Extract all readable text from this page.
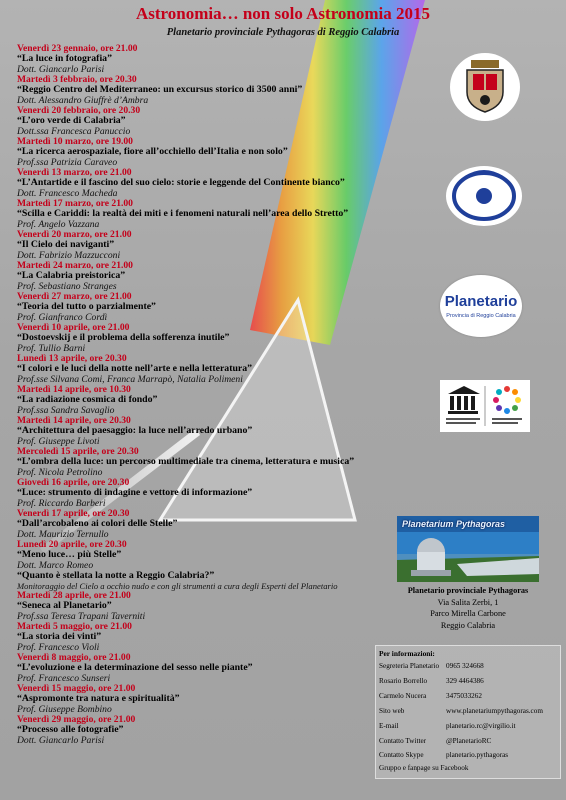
Astronomia… non solo Astronomia 2015
Planetario provinciale Pythagoras di Reggio Calabria
Venerdì 23 gennaio, ore 21.00
“La luce in fotografia”
Dott. Giancarlo Parisi
Martedì 3 febbraio, ore 20.30
“Reggio Centro del Mediterraneo: un excursus storico di 3500 anni”
Dott. Alessandro Giuffrè d’Ambra
Venerdì 20 febbraio, ore 20.30
“L’oro verde di Calabria”
Dott.ssa Francesca Panuccio
Martedì 10 marzo, ore 19.00
“La ricerca aerospaziale, fiore all’occhiello dell’Italia e non solo”
Prof.ssa Patrizia Caraveo
Venerdì 13 marzo, ore 21.00
“L’Antartide e il fascino del suo cielo: storie e leggende del Continente bianco”
Dott. Francesco Macheda
Martedì 17 marzo, ore 21.00
“Scilla e Cariddi: la realtà dei miti e i fenomeni naturali nell’area dello Stretto”
Prof. Angelo Vazzana
Venerdì 20 marzo, ore 21.00
“Il Cielo dei naviganti”
Dott. Fabrizio Mazzucconi
Martedì 24 marzo, ore 21.00
“La Calabria preistorica”
Prof. Sebastiano Stranges
Venerdì 27 marzo, ore 21.00
“Teoria del tutto o parzialmente”
Prof. Gianfranco Cordì
Venerdì 10 aprile, ore 21.00
“Dostoevskij e il problema della sofferenza inutile”
Prof. Tullio Barni
Lunedì 13 aprile, ore 20.30
“I colori e le luci della notte nell’arte e nella letteratura”
Prof.sse Silvana Comi, Franca Marrapò, Natalia Polimeni
Martedì 14 aprile, ore 10.30
“La radiazione cosmica di fondo”
Prof.ssa Sandra Savaglio
Martedì 14 aprile, ore 20.30
“Architettura del paesaggio: la luce nell’arredo urbano”
Prof. Giuseppe Livoti
Mercoledì 15 aprile, ore 20.30
“L’ombra della luce: un percorso multimediale tra cinema, letteratura e musica”
Prof. Nicola Petrolino
Giovedì 16 aprile, ore 20.30
“Luce: strumento di indagine e vettore di informazione”
Prof. Riccardo Barberi
Venerdì 17 aprile, ore 20.30
“Dall’arcobaleno ai colori delle Stelle”
Dott. Maurizio Ternullo
Lunedì 20 aprile, ore 20.30
“Meno luce… più Stelle”
Dott. Marco Romeo
“Quanto è stellata la notte a Reggio Calabria?”
Monitoraggio del Cielo a occhio nudo e con gli strumenti a cura degli Esperti del Planetario
Martedì 28 aprile, ore 21.00
“Seneca al Planetario”
Prof.ssa Teresa Trapani Taverniti
Martedì 5 maggio, ore 21.00
“La storia dei vinti”
Prof. Francesco Violi
Venerdì 8 maggio, ore 21.00
“L’evoluzione e la determinazione del sesso nelle piante”
Prof. Francesco Sunseri
Venerdì 15 maggio, ore 21.00
“Aspromonte tra natura e spiritualità”
Prof. Giuseppe Bombino
Venerdì 29 maggio, ore 21.00
“Processo alle fotografie”
Dott. Giancarlo Parisi
Planetario
Provincia di Reggio Calabria
Planetarium Pythagoras
Planetario provinciale Pythagoras
Via Salita Zerbi, 1
Parco Mirella Carbone
Reggio Calabria
Per informazioni:
Segreteria Planetario 0965 324668
Rosario Borrello	329 4464386
Carmelo Nucera	3475033262
Sito web	www.planetariumpythagoras.com
E-mail	planetario.rc@virgilio.it
Contatto Twitter	@PlanetarioRC
Contatto Skype	planetario.pythagoras
Gruppo e fanpage su Facebook
